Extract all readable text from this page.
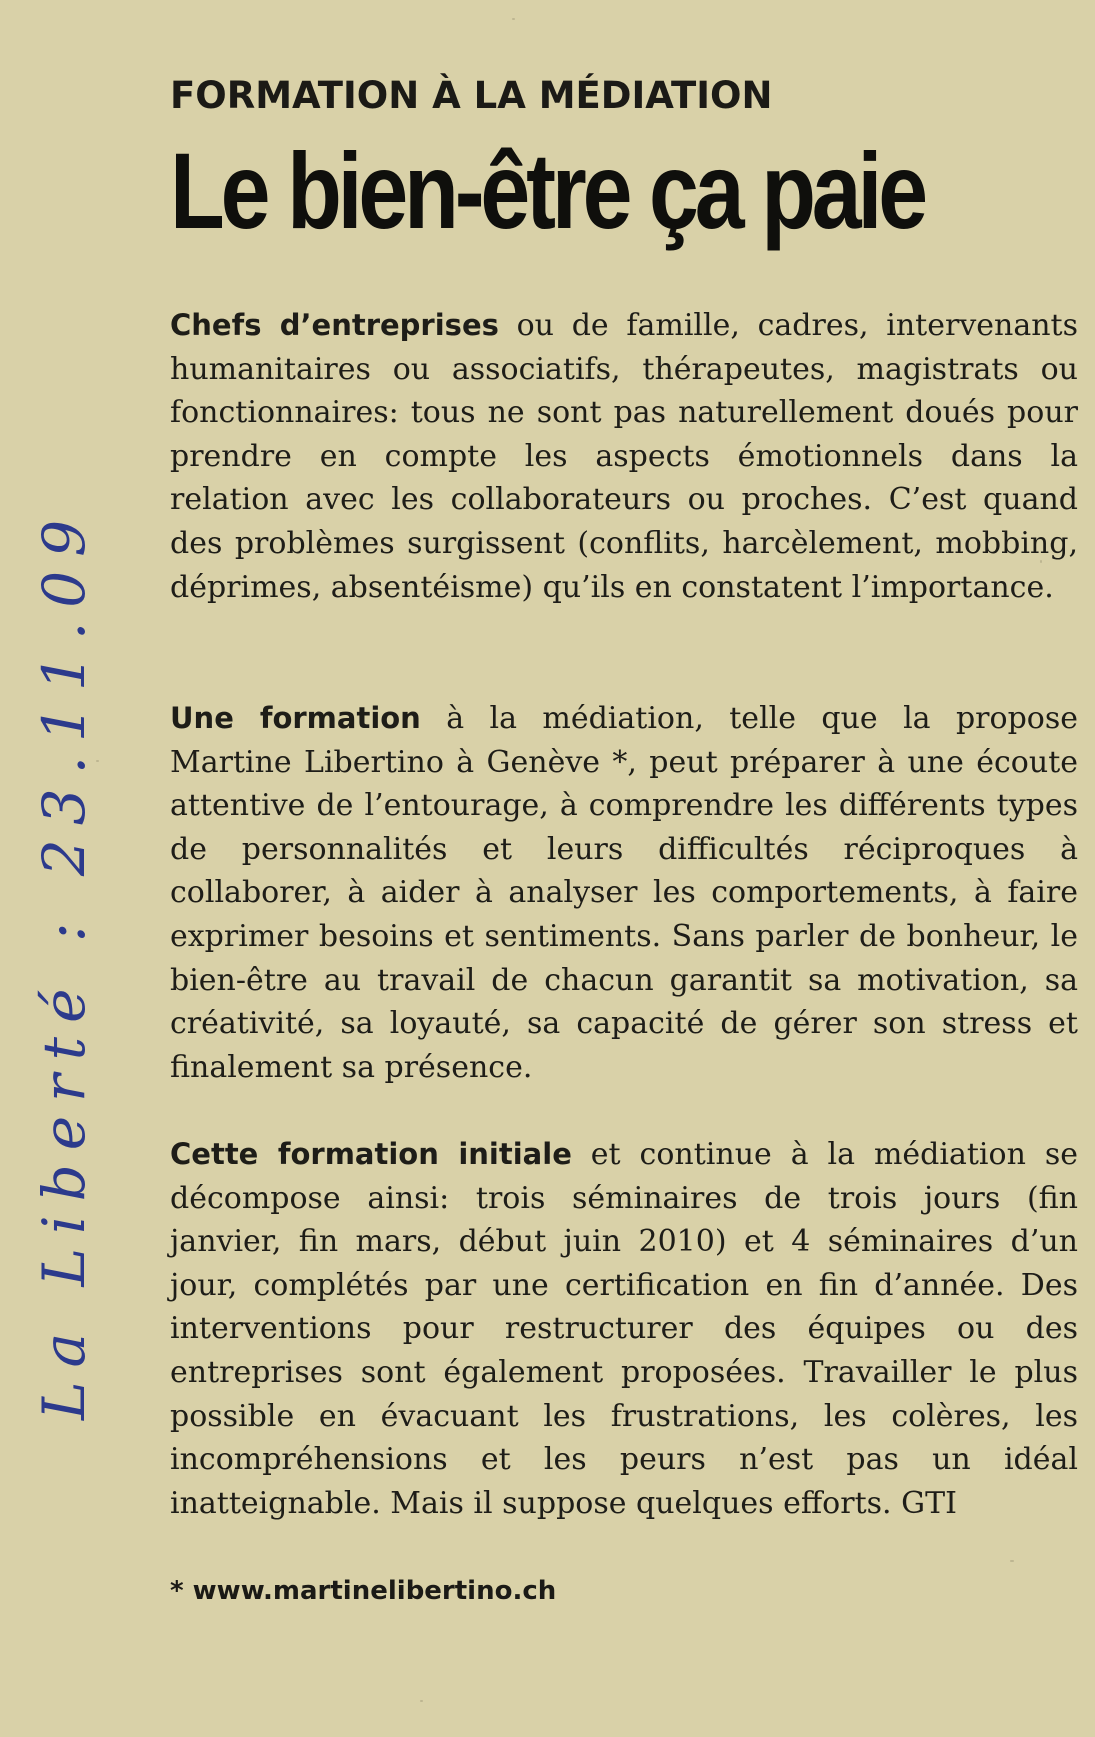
FORMATION À LA MÉDIATION
Le bien-être ça paie

Chefs d’entreprises ou de famille, cadres, intervenants humanitaires ou associatifs, thérapeutes, magistrats ou fonctionnaires: tous ne sont pas naturellement doués pour prendre en compte les aspects émotionnels dans la relation avec les collaborateurs ou proches. C’est quand des problèmes surgissent (conflits, harcèlement, mobbing, déprimes, absentéisme) qu’ils en constatent l’importance.

Une formation à la médiation, telle que la propose Martine Libertino à Genève *, peut préparer à une écoute attentive de l’entourage, à comprendre les différents types de personnalités et leurs difficultés réciproques à collaborer, à aider à analyser les comportements, à faire exprimer besoins et sentiments. Sans parler de bonheur, le bien-être au travail de chacun garantit sa motivation, sa créativité, sa loyauté, sa capacité de gérer son stress et finalement sa présence.

Cette formation initiale et continue à la médiation se décompose ainsi: trois séminaires de trois jours (fin janvier, fin mars, début juin 2010) et 4 séminaires d’un jour, complétés par une certification en fin d’année. Des interventions pour restructurer des équipes ou des entreprises sont également proposées. Travailler le plus possible en évacuant les frustrations, les colères, les incompréhensions et les peurs n’est pas un idéal inatteignable. Mais il suppose quelques efforts. GTI

* www.martinelibertino.ch

La Liberté : 23.11.09
